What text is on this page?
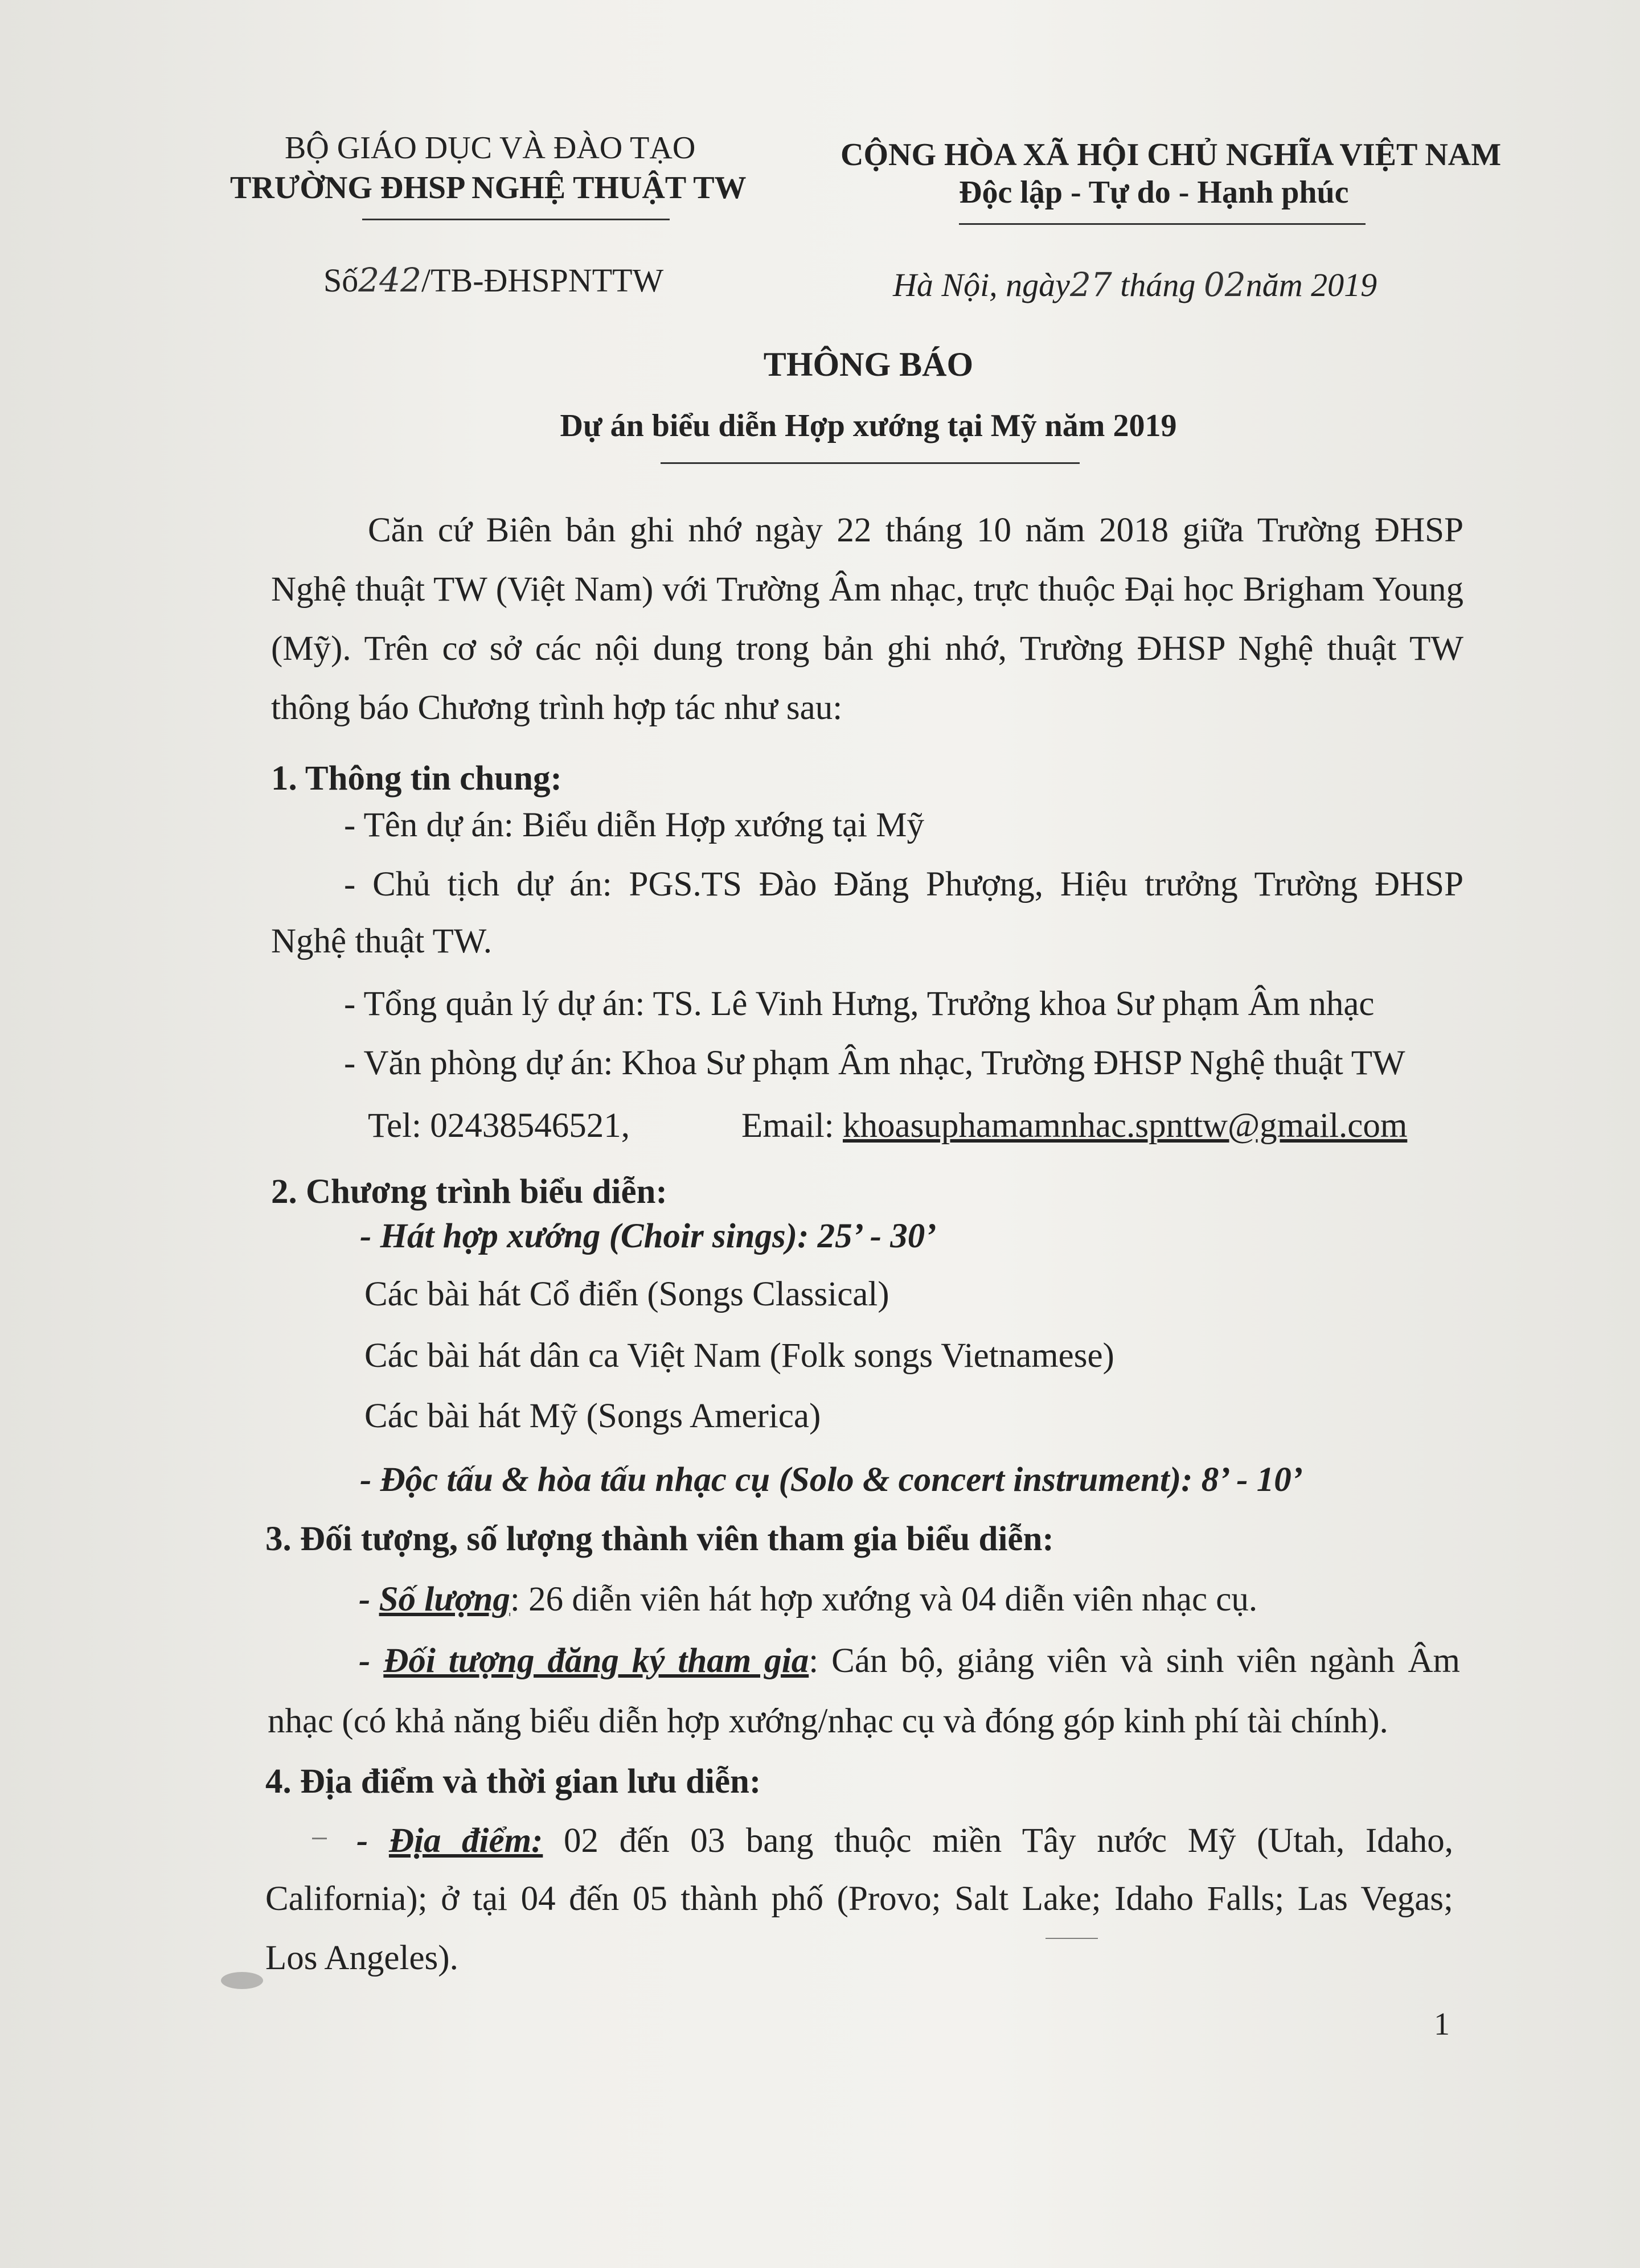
BỘ GIÁO DỤC VÀ ĐÀO TẠO
TRƯỜNG ĐHSP NGHỆ THUẬT TW
CỘNG HÒA XÃ HỘI CHỦ NGHĨA VIỆT NAM
Độc lập - Tự do - Hạnh phúc
Số242/TB-ĐHSPNTTW	Hà Nội, ngày27 tháng 02năm 2019
THÔNG BÁO
Dự án biểu diễn Hợp xướng tại Mỹ năm 2019
Căn cứ Biên bản ghi nhớ ngày 22 tháng 10 năm 2018 giữa Trường ĐHSP Nghệ thuật TW (Việt Nam) với Trường Âm nhạc, trực thuộc Đại học Brigham Young (Mỹ). Trên cơ sở các nội dung trong bản ghi nhớ, Trường ĐHSP Nghệ thuật TW thông báo Chương trình hợp tác như sau:
1. Thông tin chung:
- Tên dự án: Biểu diễn Hợp xướng tại Mỹ
- Chủ tịch dự án: PGS.TS Đào Đăng Phượng, Hiệu trưởng Trường ĐHSP
Nghệ thuật TW.
- Tổng quản lý dự án: TS. Lê Vinh Hưng, Trưởng khoa Sư phạm Âm nhạc
- Văn phòng dự án: Khoa Sư phạm Âm nhạc, Trường ĐHSP Nghệ thuật TW
Tel: 02438546521,	Email: khoasuphamamnhac.spnttw@gmail.com
2. Chương trình biểu diễn:
- Hát hợp xướng (Choir sings): 25’ - 30’
Các bài hát Cổ điển (Songs Classical)
Các bài hát dân ca Việt Nam (Folk songs Vietnamese)
Các bài hát Mỹ (Songs America)
- Độc tấu & hòa tấu nhạc cụ (Solo & concert instrument): 8’ - 10’
3. Đối tượng, số lượng thành viên tham gia biểu diễn:
- Số lượng: 26 diễn viên hát hợp xướng và 04 diễn viên nhạc cụ.
- Đối tượng đăng ký tham gia: Cán bộ, giảng viên và sinh viên ngành Âm
nhạc (có khả năng biểu diễn hợp xướng/nhạc cụ và đóng góp kinh phí tài chính).
4. Địa điểm và thời gian lưu diễn:
- Địa điểm: 02 đến 03 bang thuộc miền Tây nước Mỹ (Utah, Idaho,
California); ở tại 04 đến 05 thành phố (Provo; Salt Lake; Idaho Falls; Las Vegas;
Los Angeles).
1
